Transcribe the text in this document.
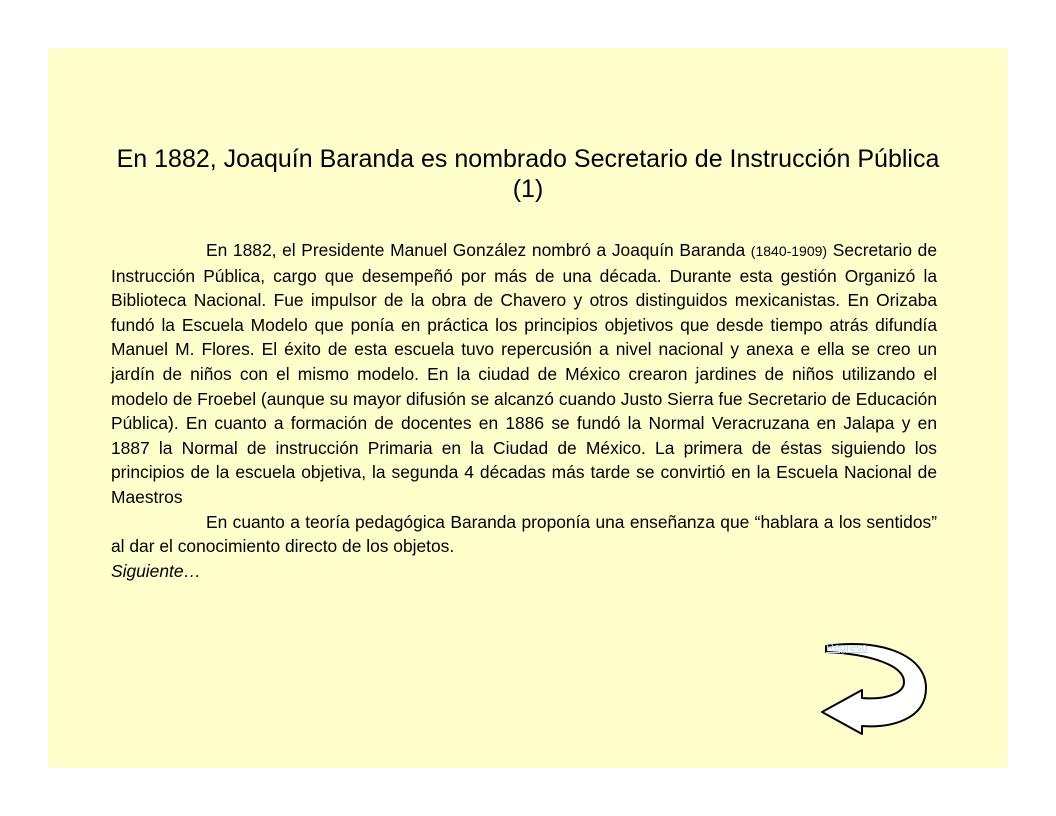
En 1882, Joaquín Baranda es nombrado Secretario de Instrucción Pública (1)

En 1882, el Presidente Manuel González nombró a Joaquín Baranda (1840-1909) Secretario de Instrucción Pública, cargo que desempeñó por más de una década. Durante esta gestión Organizó la Biblioteca Nacional. Fue impulsor de la obra de Chavero y otros distinguidos mexicanistas. En Orizaba fundó la Escuela Modelo que ponía en práctica los principios objetivos que desde tiempo atrás difundía Manuel M. Flores. El éxito de esta escuela tuvo repercusión a nivel nacional y anexa e ella se creo un jardín de niños con el mismo modelo. En la ciudad de México crearon jardines de niños utilizando el modelo de Froebel (aunque su mayor difusión se alcanzó cuando Justo Sierra fue Secretario de Educación Pública). En cuanto a formación de docentes en 1886 se fundó la Normal Veracruzana en Jalapa y en 1887 la Normal de instrucción Primaria en la Ciudad de México. La primera de éstas siguiendo los principios de la escuela objetiva, la segunda 4 décadas más tarde se convirtió en la Escuela Nacional de Maestros

En cuanto a teoría pedagógica Baranda proponía una enseñanza que “hablara a los sentidos” al dar el conocimiento directo de los objetos.

Siguiente…

Regreso
